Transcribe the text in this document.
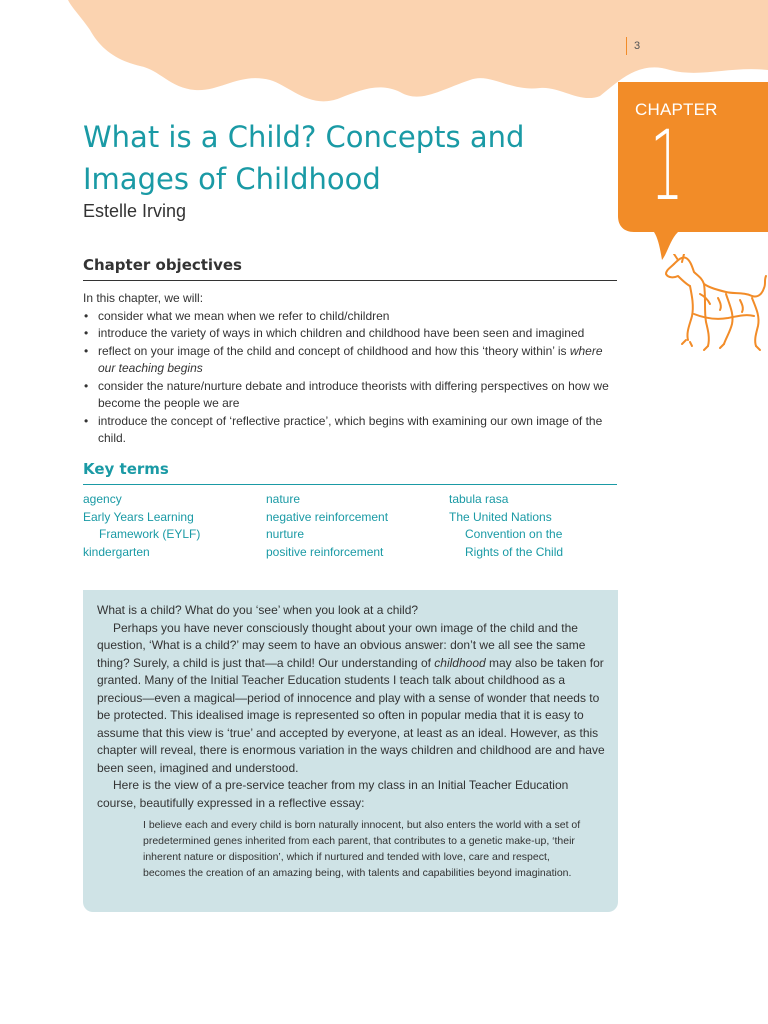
3
CHAPTER
1
What is a Child? Concepts and Images of Childhood
Estelle Irving
Chapter objectives

In this chapter, we will:

• consider what we mean when we refer to child/children
• introduce the variety of ways in which children and childhood have been seen and imagined
• reflect on your image of the child and concept of childhood and how this ‘theory within’ is where our teaching begins
• consider the nature/nurture debate and introduce theorists with differing perspectives on how we become the people we are
• introduce the concept of ‘reflective practice’, which begins with examining our own image of the child.
Key terms
agency
Early Years Learning
Framework (EYLF)
kindergarten
nature
negative reinforcement
nurture
positive reinforcement
tabula rasa
The United Nations
Convention on the
Rights of the Child

What is a child? What do you ‘see’ when you look at a child?

Perhaps you have never consciously thought about your own image of the child and the question, ‘What is a child?’ may seem to have an obvious answer: don’t we all see the same thing? Surely, a child is just that—a child! Our understanding of childhood may also be taken for granted. Many of the Initial Teacher Education students I teach talk about childhood as a precious—even a magical—period of innocence and play with a sense of wonder that needs to be protected. This idealised image is represented so often in popular media that it is easy to assume that this view is ‘true’ and accepted by everyone, at least as an ideal. However, as this chapter will reveal, there is enormous variation in the ways children and childhood are and have been seen, imagined and understood.

Here is the view of a pre-service teacher from my class in an Initial Teacher Education course, beautifully expressed in a reflective essay:

I believe each and every child is born naturally innocent, but also enters the world with a set of predetermined genes inherited from each parent, that contributes to a genetic make-up, ‘their inherent nature or disposition’, which if nurtured and tended with love, care and respect, becomes the creation of an amazing being, with talents and capabilities beyond imagination.
